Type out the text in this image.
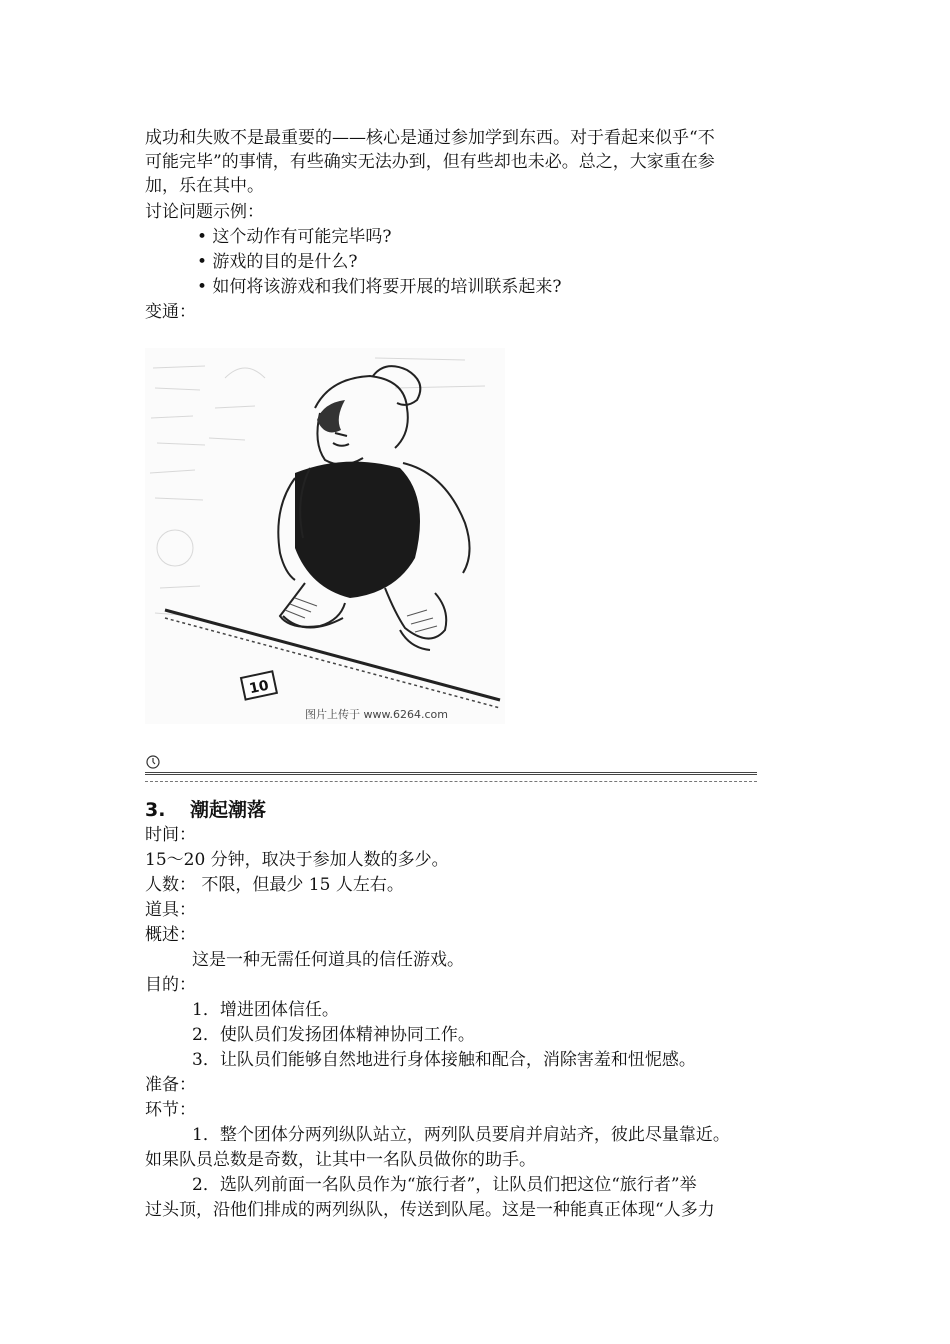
成功和失败不是最重要的——核心是通过参加学到东西。对于看起来似乎“不
可能完毕”的事情，有些确实无法办到，但有些却也未必。总之，大家重在参
加，乐在其中。
讨论问题示例：
• 这个动作有可能完毕吗?
• 游戏的目的是什么?
• 如何将该游戏和我们将要开展的培训联系起来?
变通：
10
图片上传于 www.6264.com
3. 潮起潮落
时间：
15～20 分钟，取决于参加人数的多少。
人数： 不限，但最少 15 人左右。
道具：
概述：
这是一种无需任何道具的信任游戏。
目的：
1．增进团体信任。
2．使队员们发扬团体精神协同工作。
3．让队员们能够自然地进行身体接触和配合，消除害羞和忸怩感。
准备：
环节：
1．整个团体分两列纵队站立，两列队员要肩并肩站齐，彼此尽量靠近。
如果队员总数是奇数，让其中一名队员做你的助手。
2．选队列前面一名队员作为“旅行者”，让队员们把这位“旅行者”举
过头顶，沿他们排成的两列纵队，传送到队尾。这是一种能真正体现“人多力
